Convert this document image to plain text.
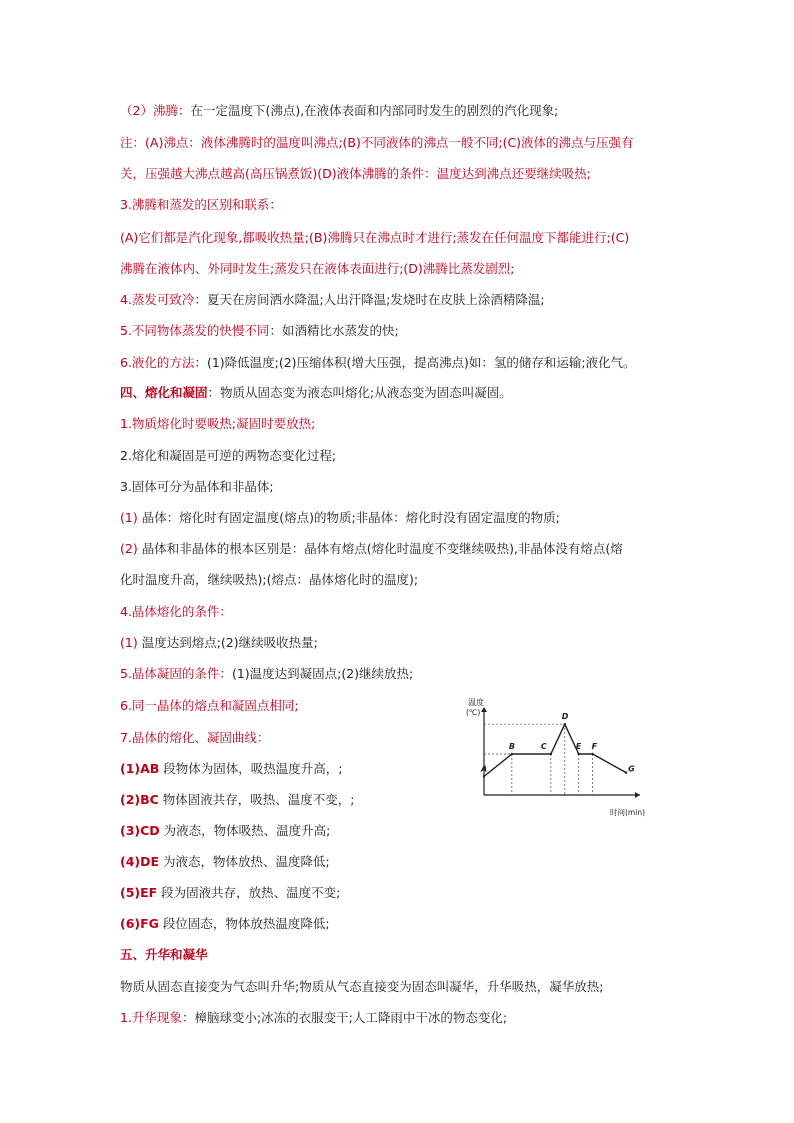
（2）沸腾：在一定温度下(沸点),在液体表面和内部同时发生的剧烈的汽化现象;
注：(A)沸点：液体沸腾时的温度叫沸点;(B)不同液体的沸点一般不同;(C)液体的沸点与压强有
关，压强越大沸点越高(高压锅煮饭)(D)液体沸腾的条件：温度达到沸点还要继续吸热;
3.沸腾和蒸发的区别和联系：
(A)它们都是汽化现象,都吸收热量;(B)沸腾只在沸点时才进行;蒸发在任何温度下都能进行;(C)
沸腾在液体内、外同时发生;蒸发只在液体表面进行;(D)沸腾比蒸发剧烈;
4.蒸发可致冷：夏天在房间洒水降温;人出汗降温;发烧时在皮肤上涂酒精降温;
5.不同物体蒸发的快慢不同：如酒精比水蒸发的快;
6.液化的方法：(1)降低温度;(2)压缩体积(增大压强，提高沸点)如：氢的储存和运输;液化气。
四、熔化和凝固：物质从固态变为液态叫熔化;从液态变为固态叫凝固。
1.物质熔化时要吸热;凝固时要放热;
2.熔化和凝固是可逆的两物态变化过程;
3.固体可分为晶体和非晶体;
(1) 晶体：熔化时有固定温度(熔点)的物质;非晶体：熔化时没有固定温度的物质;
(2) 晶体和非晶体的根本区别是：晶体有熔点(熔化时温度不变继续吸热),非晶体没有熔点(熔
化时温度升高，继续吸热);(熔点：晶体熔化时的温度);
4.晶体熔化的条件：
(1) 温度达到熔点;(2)继续吸收热量;
5.晶体凝固的条件：(1)温度达到凝固点;(2)继续放热;
6.同一晶体的熔点和凝固点相同;
7.晶体的熔化、凝固曲线：
(1)AB 段物体为固体，吸热温度升高，;
(2)BC 物体固液共存，吸热、温度不变，;
(3)CD 为液态，物体吸热、温度升高;
(4)DE 为液态，物体放热、温度降低;
(5)EF 段为固液共存，放热、温度不变;
(6)FG 段位固态，物体放热温度降低;
五、升华和凝华
物质从固态直接变为气态叫升华;物质从气态直接变为固态叫凝华，升华吸热，凝华放热;
1.升华现象：樟脑球变小;冰冻的衣服变干;人工降雨中干冰的物态变化;
温度
(℃)
时间(min)
A
B	C
D
E F
G
